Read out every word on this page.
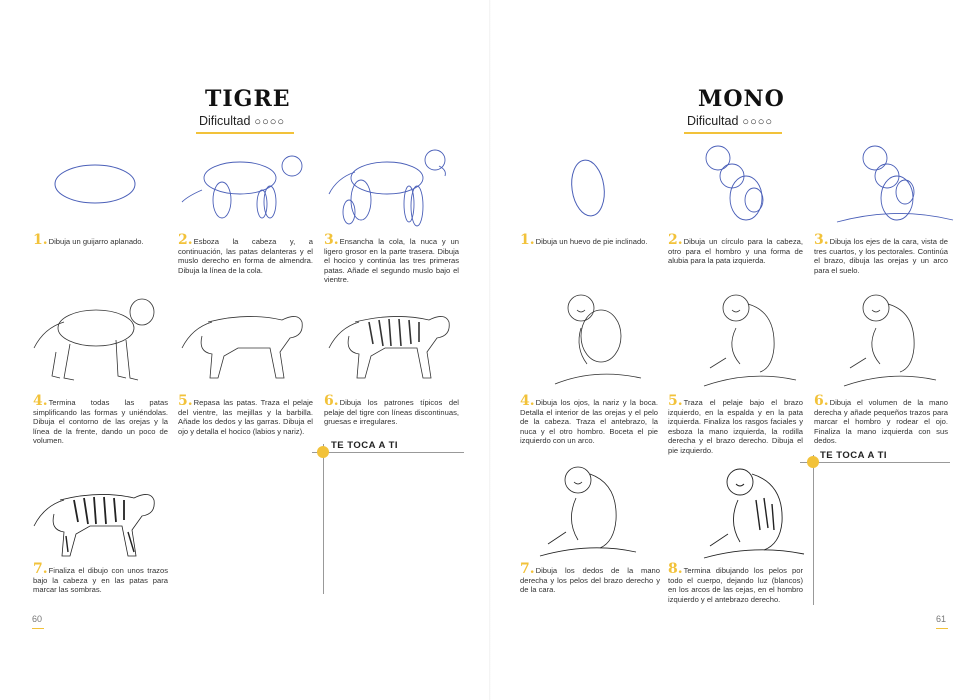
TIGRE
Dificultad ○○○○
1.Dibuja un guijarro aplanado.	2.Esboza la cabeza y, a continuación, las patas delanteras y el muslo derecho en forma de almendra. Dibuja la línea de la cola.
3.Ensancha la cola, la nuca y un ligero grosor en la parte trasera. Dibuja el hocico y continúa las tres primeras patas. Añade el segundo muslo bajo el vientre.
4.Termina todas las patas simplificando las formas y uniéndolas. Dibuja el contorno de las orejas y la línea de la frente, dando un poco de volumen.
5.Repasa las patas. Traza el pelaje del vientre, las mejillas y la barbilla. Añade los dedos y las garras. Dibuja el ojo y detalla el hocico (labios y nariz).
6.Dibuja los patrones típicos del pelaje del tigre con líneas discontinuas, gruesas e irregulares.
7.Finaliza el dibujo con unos trazos bajo la cabeza y en las patas para marcar las sombras.
TE TOCA A TI
60
MONO
Dificultad ○○○○
1.Dibuja un huevo de pie inclinado.	2.Dibuja un círculo para la cabeza, otro para el hombro y una forma de alubia para la pata izquierda.
3.Dibuja los ejes de la cara, vista de tres cuartos, y los pectorales. Continúa el brazo, dibuja las orejas y un arco para el suelo.
4.Dibuja los ojos, la nariz y la boca. Detalla el interior de las orejas y el pelo de la cabeza. Traza el antebrazo, la nuca y el otro hombro. Boceta el pie izquierdo con un arco.
5.Traza el pelaje bajo el brazo izquierdo, en la espalda y en la pata izquierda. Finaliza los rasgos faciales y esboza la mano izquierda, la rodilla derecha y el brazo derecho. Dibuja el pie izquierdo.
6.Dibuja el volumen de la mano derecha y añade pequeños trazos para marcar el hombro y rodear el ojo. Finaliza la mano izquierda con sus dedos.
7.Dibuja los dedos de la mano derecha y los pelos del brazo derecho y de la cara.
8.Termina dibujando los pelos por todo el cuerpo, dejando luz (blancos) en los arcos de las cejas, en el hombro izquierdo y el antebrazo derecho.
TE TOCA A TI
61
